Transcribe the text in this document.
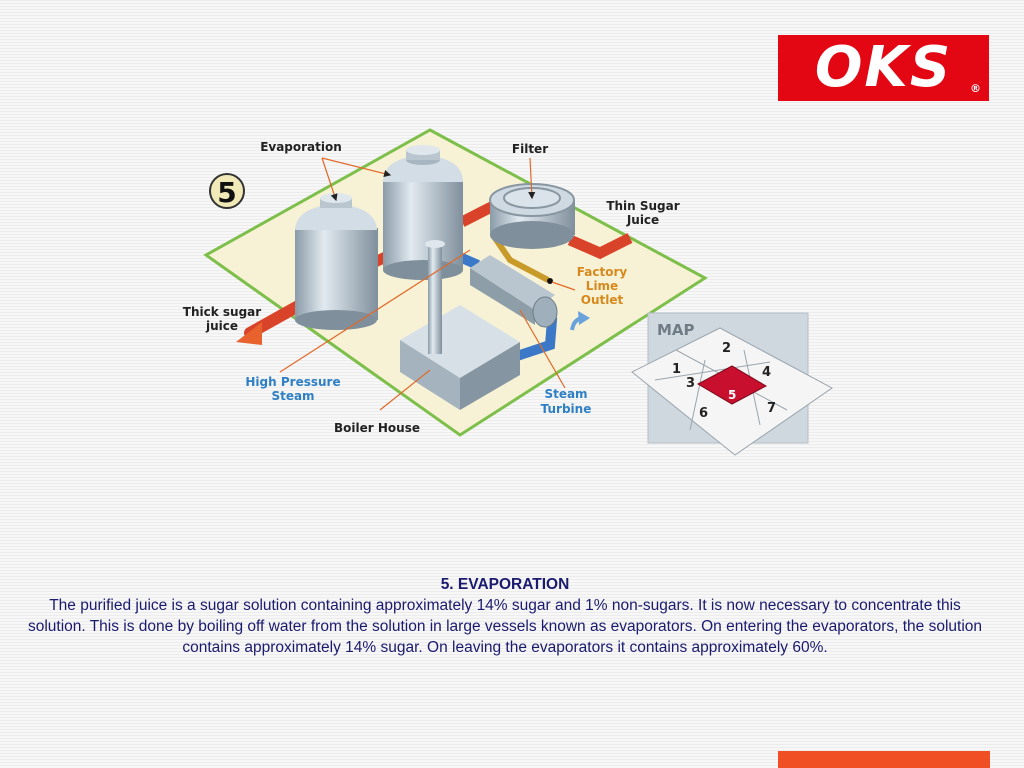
OKS ®
5
Evaporation	Filter
Thin Sugar
Juice
Factory
Lime
Outlet
Thick sugar
juice
High Pressure
Steam	Steam
Turbine
Boiler House
MAP
1
2
3
4
5
6	7
5. EVAPORATION
The purified juice is a sugar solution containing approximately 14% sugar and 1% non-sugars. It is now necessary to concentrate this solution. This is done by boiling off water from the solution in large vessels known as evaporators. On entering the evaporators, the solution contains approximately 14% sugar. On leaving the evaporators it contains approximately 60%.
